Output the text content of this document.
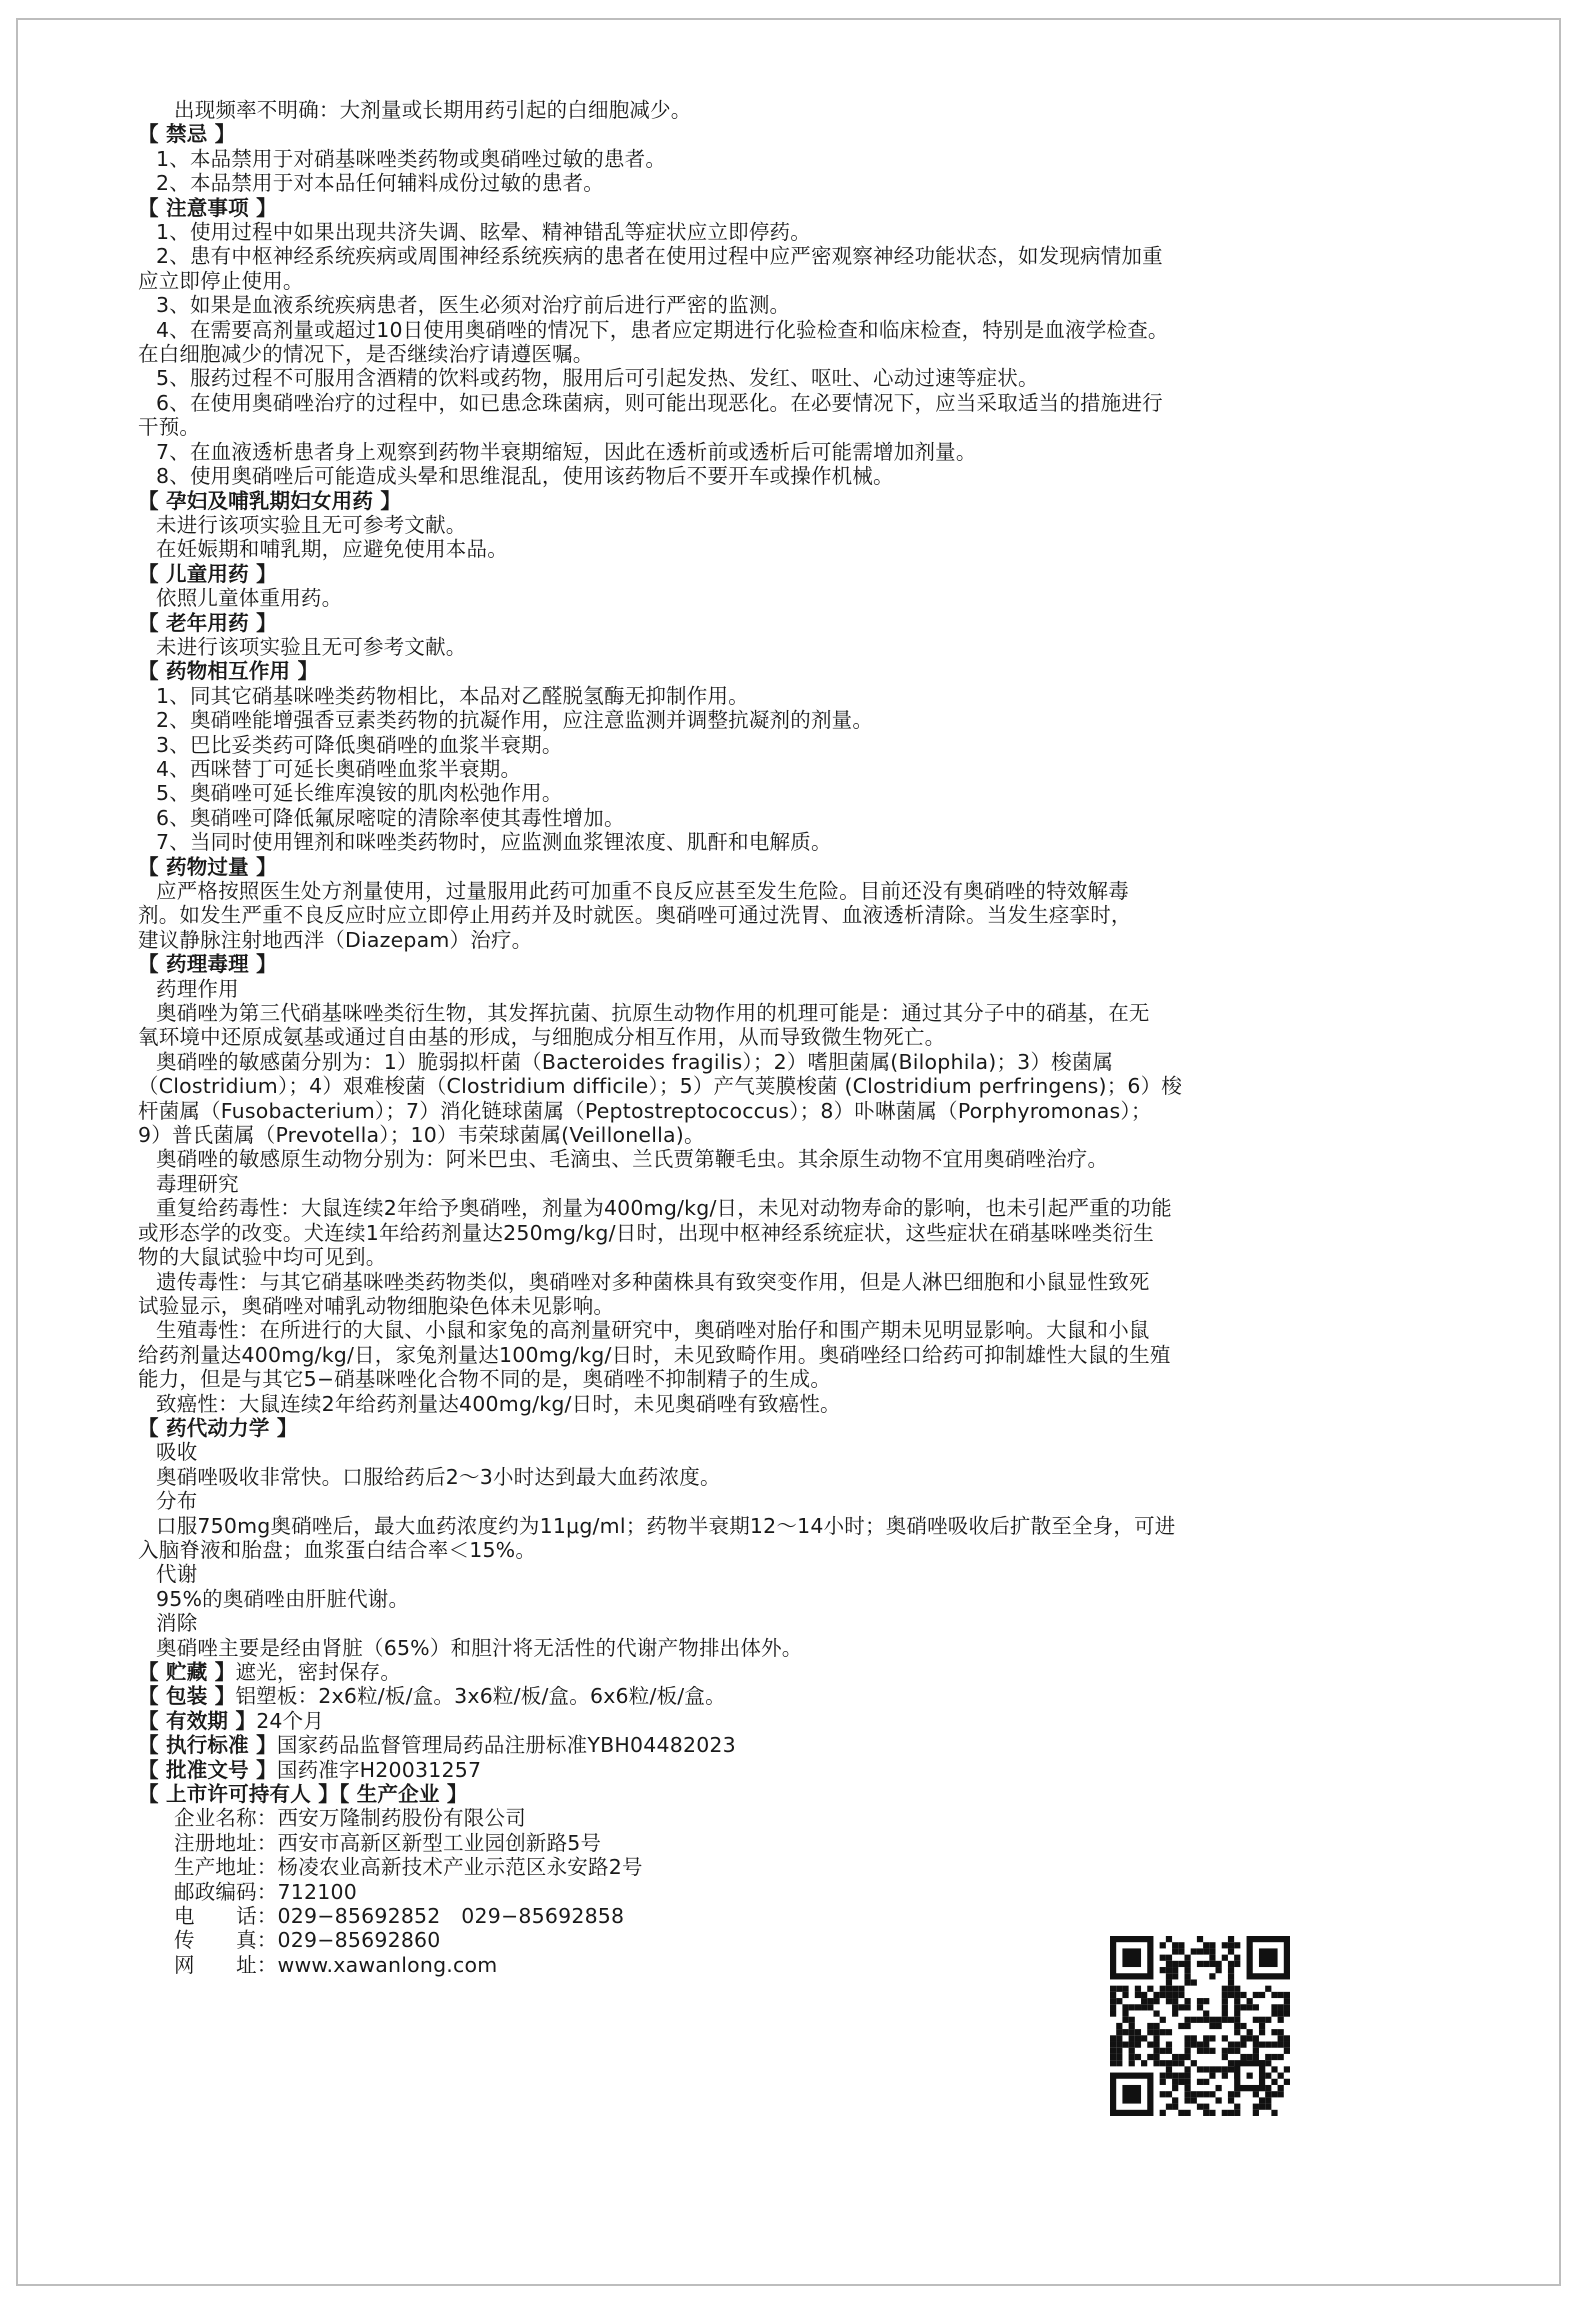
出现频率不明确：大剂量或长期用药引起的白细胞减少。
【 禁忌 】
1、本品禁用于对硝基咪唑类药物或奥硝唑过敏的患者。
2、本品禁用于对本品任何辅料成份过敏的患者。
【 注意事项 】
1、使用过程中如果出现共济失调、眩晕、精神错乱等症状应立即停药。
2、患有中枢神经系统疾病或周围神经系统疾病的患者在使用过程中应严密观察神经功能状态，如发现病情加重
应立即停止使用。
3、如果是血液系统疾病患者，医生必须对治疗前后进行严密的监测。
4、在需要高剂量或超过10日使用奥硝唑的情况下，患者应定期进行化验检查和临床检查，特别是血液学检查。
在白细胞减少的情况下，是否继续治疗请遵医嘱。
5、服药过程不可服用含酒精的饮料或药物，服用后可引起发热、发红、呕吐、心动过速等症状。
6、在使用奥硝唑治疗的过程中，如已患念珠菌病，则可能出现恶化。在必要情况下，应当采取适当的措施进行
干预。
7、在血液透析患者身上观察到药物半衰期缩短，因此在透析前或透析后可能需增加剂量。
8、使用奥硝唑后可能造成头晕和思维混乱，使用该药物后不要开车或操作机械。
【 孕妇及哺乳期妇女用药 】
未进行该项实验且无可参考文献。
在妊娠期和哺乳期，应避免使用本品。
【 儿童用药 】
依照儿童体重用药。
【 老年用药 】
未进行该项实验且无可参考文献。
【 药物相互作用 】
1、同其它硝基咪唑类药物相比，本品对乙醛脱氢酶无抑制作用。
2、奥硝唑能增强香豆素类药物的抗凝作用，应注意监测并调整抗凝剂的剂量。
3、巴比妥类药可降低奥硝唑的血浆半衰期。
4、西咪替丁可延长奥硝唑血浆半衰期。
5、奥硝唑可延长维库溴铵的肌肉松弛作用。
6、奥硝唑可降低氟尿嘧啶的清除率使其毒性增加。
7、当同时使用锂剂和咪唑类药物时，应监测血浆锂浓度、肌酐和电解质。
【 药物过量 】
应严格按照医生处方剂量使用，过量服用此药可加重不良反应甚至发生危险。目前还没有奥硝唑的特效解毒
剂。如发生严重不良反应时应立即停止用药并及时就医。奥硝唑可通过洗胃、血液透析清除。当发生痉挛时，
建议静脉注射地西泮（Diazepam）治疗。
【 药理毒理 】
药理作用
奥硝唑为第三代硝基咪唑类衍生物，其发挥抗菌、抗原生动物作用的机理可能是：通过其分子中的硝基，在无
氧环境中还原成氨基或通过自由基的形成，与细胞成分相互作用，从而导致微生物死亡。
奥硝唑的敏感菌分别为：1）脆弱拟杆菌（Bacteroides fragilis）；2）嗜胆菌属(Bilophila)；3）梭菌属
（Clostridium）；4）艰难梭菌（Clostridium difficile）；5）产气荚膜梭菌 (Clostridium perfringens)；6）梭
杆菌属（Fusobacterium）；7）消化链球菌属（Peptostreptococcus）；8）卟啉菌属（Porphyromonas）；
9）普氏菌属（Prevotella）；10）韦荣球菌属(Veillonella)。
奥硝唑的敏感原生动物分别为：阿米巴虫、毛滴虫、兰氏贾第鞭毛虫。其余原生动物不宜用奥硝唑治疗。
毒理研究
重复给药毒性：大鼠连续2年给予奥硝唑，剂量为400mg/kg/日，未见对动物寿命的影响，也未引起严重的功能
或形态学的改变。犬连续1年给药剂量达250mg/kg/日时，出现中枢神经系统症状，这些症状在硝基咪唑类衍生
物的大鼠试验中均可见到。
遗传毒性：与其它硝基咪唑类药物类似，奥硝唑对多种菌株具有致突变作用，但是人淋巴细胞和小鼠显性致死
试验显示，奥硝唑对哺乳动物细胞染色体未见影响。
生殖毒性：在所进行的大鼠、小鼠和家兔的高剂量研究中，奥硝唑对胎仔和围产期未见明显影响。大鼠和小鼠
给药剂量达400mg/kg/日，家兔剂量达100mg/kg/日时，未见致畸作用。奥硝唑经口给药可抑制雄性大鼠的生殖
能力，但是与其它5−硝基咪唑化合物不同的是，奥硝唑不抑制精子的生成。
致癌性：大鼠连续2年给药剂量达400mg/kg/日时，未见奥硝唑有致癌性。
【 药代动力学 】
吸收
奥硝唑吸收非常快。口服给药后2～3小时达到最大血药浓度。
分布
口服750mg奥硝唑后，最大血药浓度约为11μg/ml；药物半衰期12～14小时；奥硝唑吸收后扩散至全身，可进
入脑脊液和胎盘；血浆蛋白结合率＜15%。
代谢
95%的奥硝唑由肝脏代谢。
消除
奥硝唑主要是经由肾脏（65%）和胆汁将无活性的代谢产物排出体外。
【 贮藏 】遮光，密封保存。
【 包装 】铝塑板：2x6粒/板/盒。3x6粒/板/盒。6x6粒/板/盒。
【 有效期 】24个月
【 执行标准 】国家药品监督管理局药品注册标准YBH04482023
【 批准文号 】国药准字H20031257
【 上市许可持有人 】【 生产企业 】
企业名称：西安万隆制药股份有限公司
注册地址：西安市高新区新型工业园创新路5号
生产地址：杨凌农业高新技术产业示范区永安路2号
邮政编码：712100
电　　话：029−85692852　029−85692858
传　　真：029−85692860
网　　址：www.xawanlong.com
